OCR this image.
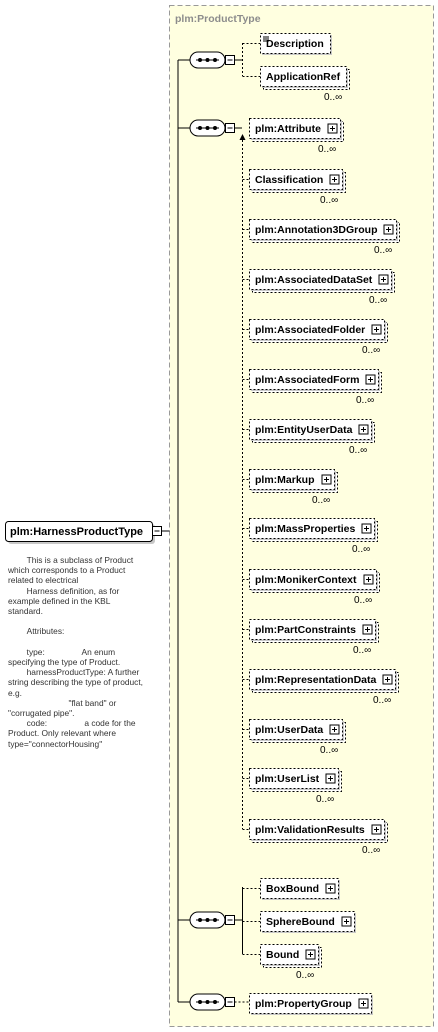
plm:ProductType
plm:HarnessProductType
Description
ApplicationRef
0..∞
plm:Attribute
0..∞
Classification
0..∞
plm:Annotation3DGroup
0..∞
plm:AssociatedDataSet
0..∞
plm:AssociatedFolder
0..∞
plm:AssociatedForm
0..∞
plm:EntityUserData
0..∞
plm:Markup
0..∞
plm:MassProperties
0..∞
plm:MonikerContext
0..∞
plm:PartConstraints
0..∞
plm:RepresentationData
0..∞
plm:UserData
0..∞
plm:UserList
0..∞
plm:ValidationResults
0..∞
BoxBound
SphereBound
Bound
0..∞
plm:PropertyGroup
This is a subclass of Product
which corresponds to a Product
related to electrical
Harness definition, as for
example defined in the KBL
standard.

Attributes:

type:                An enum
specifying the type of Product.
harnessProductType: A further
string describing the type of product,
e.g.
"flat band" or
"corrugated pipe".
code:                a code for the
Product. Only relevant where
type="connectorHousing"
